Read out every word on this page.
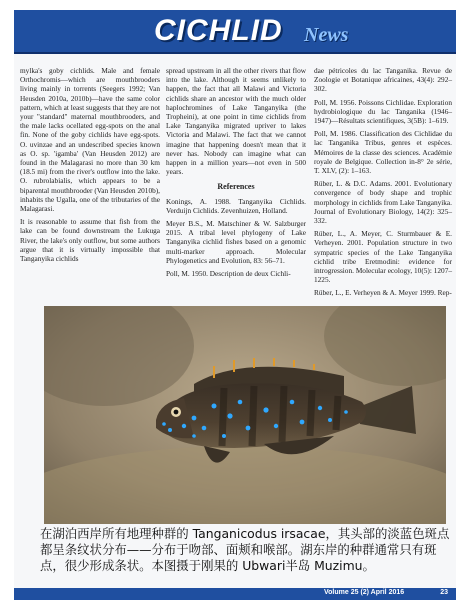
CICHLID News

mylka's goby cichlids. Male and female Orthochromis—which are mouthbrooders living mainly in torrents (Seegers 1992; Van Heusden 2010a, 2010b)—have the same color pattern, which at least suggests that they are not your "standard" maternal mouthbrooders, and the male lacks ocellated egg-spots on the anal fin. None of the goby cichlids have egg-spots. O. uvinzae and an undescribed species known as O. sp. 'igamba' (Van Heusden 2012) are found in the Malagarasi no more than 30 km (18.5 mi) from the river's outflow into the lake. O. rubrolabialis, which appears to be a biparental mouthbrooder (Van Heusden 2010b), inhabits the Ugalla, one of the tributaries of the Malagarasi.

It is reasonable to assume that fish from the lake can be found downstream the Lukuga River, the lake's only outflow, but some authors argue that it is virtually impossible that Tanganyika cichlids

spread upstream in all the other rivers that flow into the lake. Although it seems unlikely to happen, the fact that all Malawi and Victoria cichlids share an ancestor with the much older haplochromines of Lake Tanganyika (the Tropheini), at one point in time cichlids from Lake Tanganyika migrated upriver to lakes Victoria and Malawi. The fact that we cannot imagine that happening doesn't mean that it never has. Nobody can imagine what can happen in a million years—not even in 500 years.

References

Konings, A. 1988. Tanganyika Cichlids. Verduijn Cichlids. Zevenhuizen, Holland.

Meyer B.S., M. Matschiner & W. Salzburger 2015. A tribal level phylogeny of Lake Tanganyika cichlid fishes based on a genomic multi-marker approach. Molecular Phylogenetics and Evolution, 83: 56–71.

Poll, M. 1950. Description de deux Cichli-

dae pétricoles du lac Tanganika. Revue de Zoologie et Botanique africaines, 43(4): 292–302.

Poll, M. 1956. Poissons Cichlidae. Exploration hydrobiologique du lac Tanganika (1946–1947)—Résultats scientifiques, 3(5B): 1–619.

Poll, M. 1986. Classification des Cichlidae du lac Tanganika Tribus, genres et espèces. Mémoires de la classe des sciences. Académie royale de Belgique. Collection in-8° 2e série, T. XLV, (2): 1–163.

Rüber, L. & D.C. Adams. 2001. Evolutionary convergence of body shape and trophic morphology in cichlids from Lake Tanganyika. Journal of Evolutionary Biology, 14(2): 325–332.

Rüber, L., A. Meyer, C. Sturmbauer & E. Verheyen. 2001. Population structure in two sympatric species of the Lake Tanganyika cichlid tribe Eretmodini: evidence for introgression. Molecular ecology, 10(5): 1207–1225.

Rüber, L., E. Verheyen & A. Meyer 1999. Rep-

在湖泊西岸所有地理种群的 Tanganicodus irsacae，其头部的淡蓝色斑点都呈条纹状分布——分布于吻部、面颊和喉部。湖东岸的种群通常只有斑点，很少形成条状。本图摄于刚果的 Ubwari半岛 Muzimu。
Volume 25 (2) April 2016	23
